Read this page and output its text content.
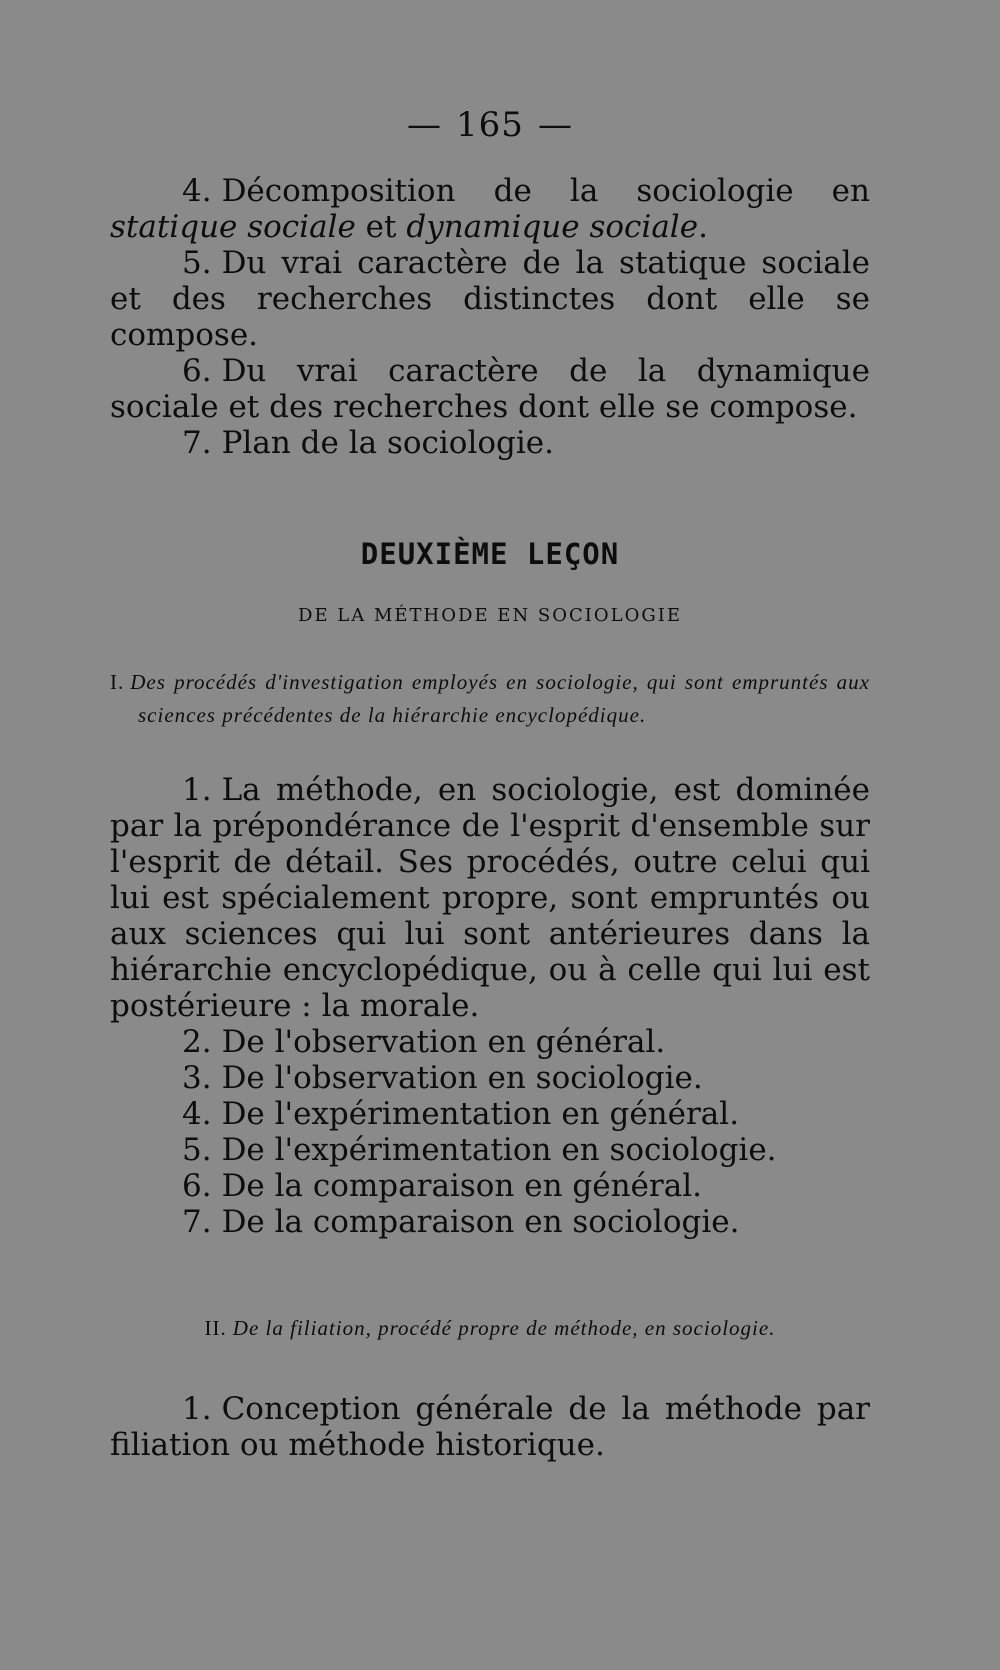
— 165 —

4. Décomposition de la sociologie en statique sociale et dynamique sociale.

5. Du vrai caractère de la statique sociale et des recherches distinctes dont elle se compose.

6. Du vrai caractère de la dynamique sociale et des recherches dont elle se compose.

7. Plan de la sociologie.

DEUXIÈME LEÇON
DE LA MÉTHODE EN SOCIOLOGIE

I. Des procédés d'investigation employés en sociologie, qui sont empruntés aux sciences précédentes de la hiérarchie encyclopédique.

1. La méthode, en sociologie, est dominée par la prépondérance de l'esprit d'ensemble sur l'esprit de détail. Ses procédés, outre celui qui lui est spécialement propre, sont empruntés ou aux sciences qui lui sont antérieures dans la hiérarchie encyclopédique, ou à celle qui lui est postérieure : la morale.

2. De l'observation en général.

3. De l'observation en sociologie.

4. De l'expérimentation en général.

5. De l'expérimentation en sociologie.

6. De la comparaison en général.

7. De la comparaison en sociologie.

II. De la filiation, procédé propre de méthode, en sociologie.

1. Conception générale de la méthode par filiation ou méthode historique.
